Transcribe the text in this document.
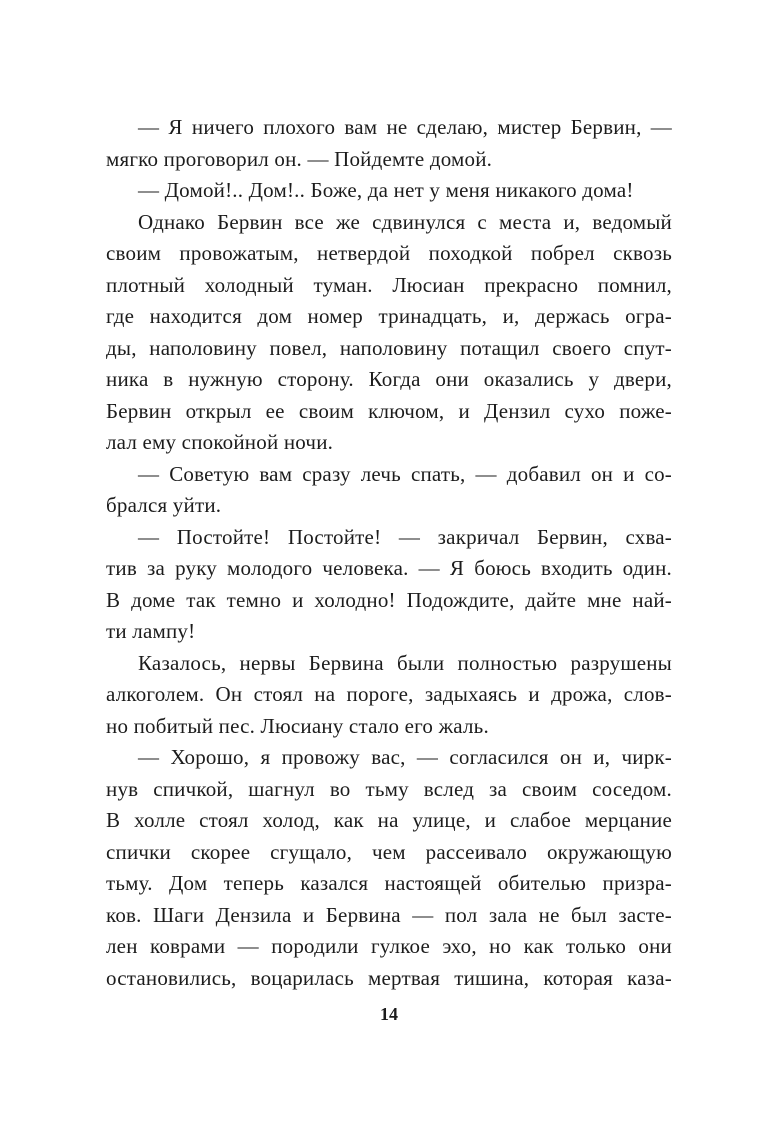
— Я ничего плохого вам не сделаю, мистер Бервин, —
мягко проговорил он. — Пойдемте домой.
— Домой!.. Дом!.. Боже, да нет у меня никакого дома!
Однако Бервин все же сдвинулся с места и, ведомый
своим провожатым, нетвердой походкой побрел сквозь
плотный холодный туман. Люсиан прекрасно помнил,
где находится дом номер тринадцать, и, держась огра-
ды, наполовину повел, наполовину потащил своего спут-
ника в нужную сторону. Когда они оказались у двери,
Бервин открыл ее своим ключом, и Дензил сухо поже-
лал ему спокойной ночи.
— Советую вам сразу лечь спать, — добавил он и со-
брался уйти.
— Постойте! Постойте! — закричал Бервин, схва-
тив за руку молодого человека. — Я боюсь входить один.
В доме так темно и холодно! Подождите, дайте мне най-
ти лампу!
Казалось, нервы Бервина были полностью разрушены
алкоголем. Он стоял на пороге, задыхаясь и дрожа, слов-
но побитый пес. Люсиану стало его жаль.
— Хорошо, я провожу вас, — согласился он и, чирк-
нув спичкой, шагнул во тьму вслед за своим соседом.
В холле стоял холод, как на улице, и слабое мерцание
спички скорее сгущало, чем рассеивало окружающую
тьму. Дом теперь казался настоящей обителью призра-
ков. Шаги Дензила и Бервина — пол зала не был засте-
лен коврами — породили гулкое эхо, но как только они
остановились, воцарилась мертвая тишина, которая каза-
14
